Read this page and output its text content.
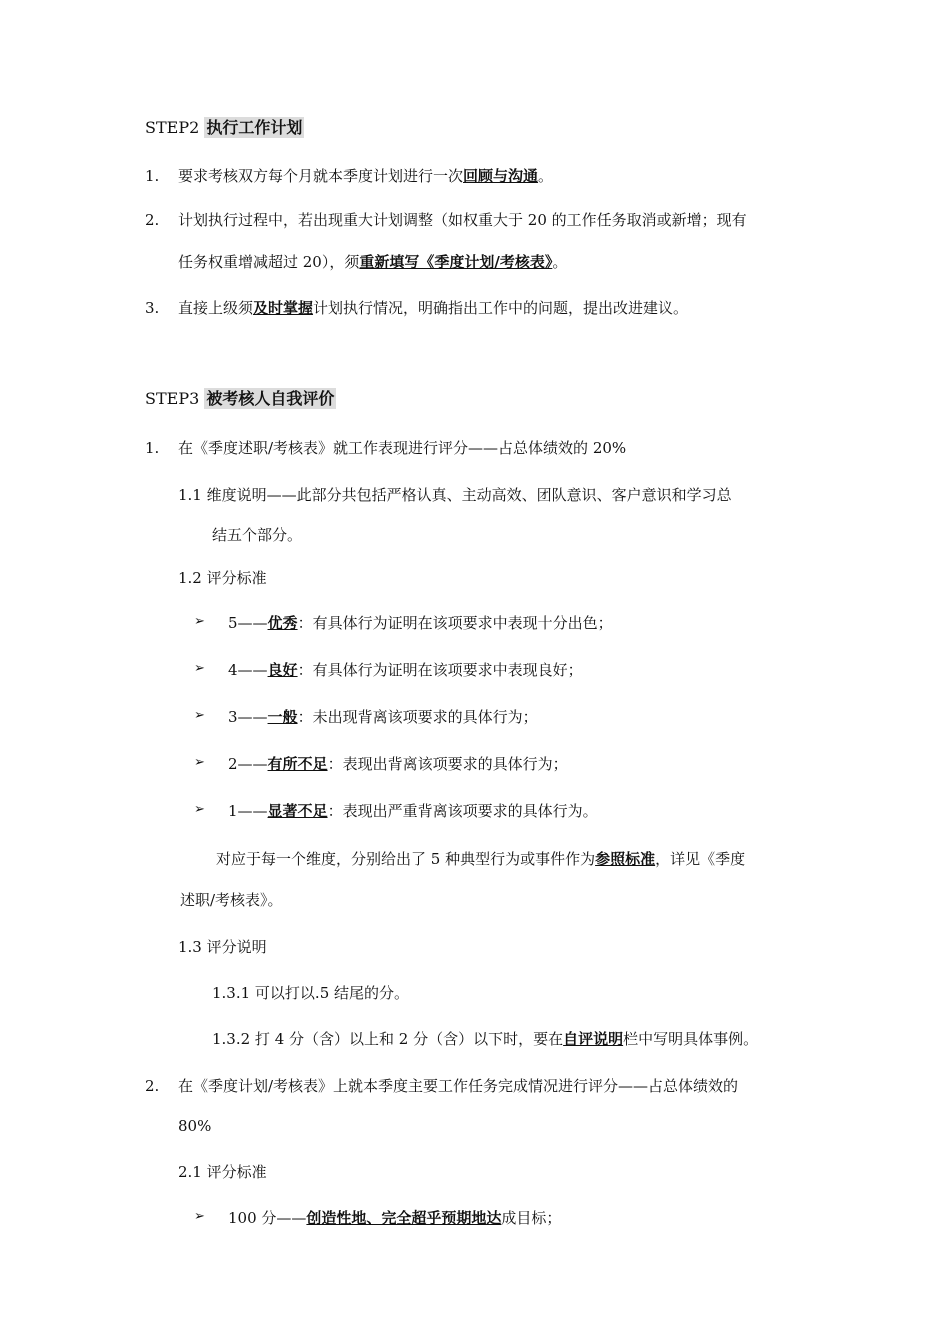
STEP2 执行工作计划
1. 要求考核双方每个月就本季度计划进行一次回顾与沟通。
2. 计划执行过程中，若出现重大计划调整（如权重大于 20 的工作任务取消或新增；现有
任务权重增减超过 20），须重新填写《季度计划/考核表》。
3. 直接上级须及时掌握计划执行情况，明确指出工作中的问题，提出改进建议。
STEP3 被考核人自我评价
1. 在《季度述职/考核表》就工作表现进行评分——占总体绩效的 20%
1.1 维度说明——此部分共包括严格认真、主动高效、团队意识、客户意识和学习总
结五个部分。
1.2 评分标准
➢ 5——优秀：有具体行为证明在该项要求中表现十分出色；
➢ 4——良好：有具体行为证明在该项要求中表现良好；
➢ 3——一般：未出现背离该项要求的具体行为；
➢ 2——有所不足：表现出背离该项要求的具体行为；
➢ 1——显著不足：表现出严重背离该项要求的具体行为。
对应于每一个维度，分别给出了 5 种典型行为或事件作为参照标准，详见《季度
述职/考核表》。
1.3 评分说明
1.3.1 可以打以.5 结尾的分。
1.3.2 打 4 分（含）以上和 2 分（含）以下时，要在自评说明栏中写明具体事例。
2. 在《季度计划/考核表》上就本季度主要工作任务完成情况进行评分——占总体绩效的
80%
2.1 评分标准
➢ 100 分——创造性地、完全超乎预期地达成目标；
